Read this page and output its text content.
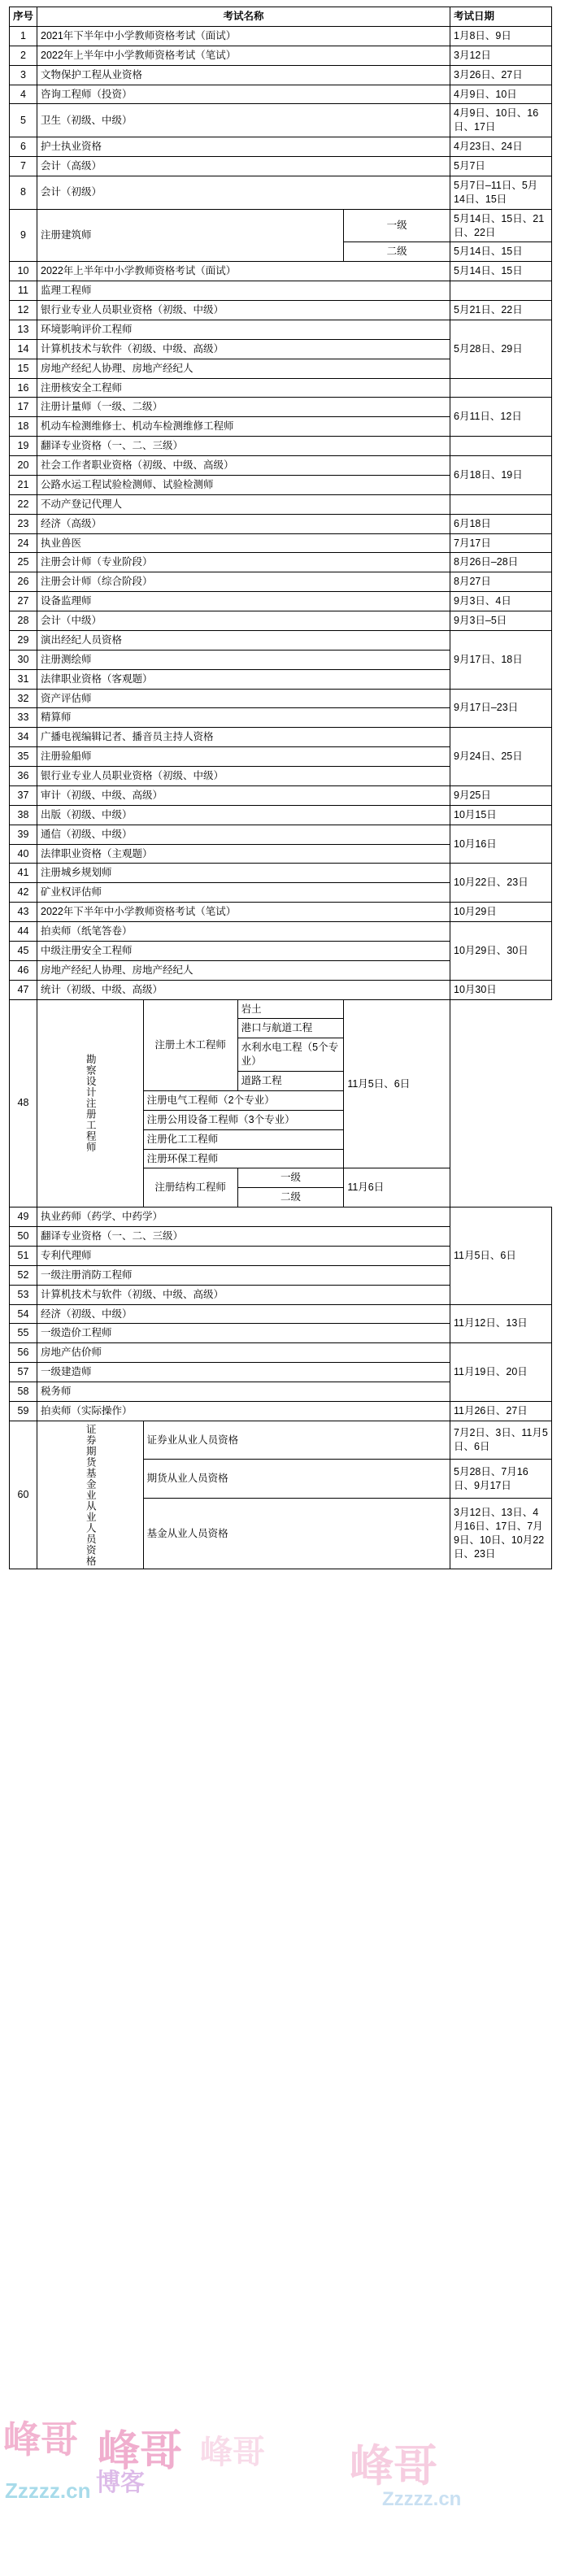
序号	考试名称				考试日期
1	2021年下半年中小学教师资格考试（面试）				1月8日、9日
2	2022年上半年中小学教师资格考试（笔试）				3月12日
3	文物保护工程从业资格				3月26日、27日
4	咨询工程师（投资）				4月9日、10日
5	卫生（初级、中级）				4月9日、10日、16日、17日
6	护士执业资格				4月23日、24日
7	会计（高级）				5月7日
8	会计（初级）				5月7日–11日、5月14日、15日
9	注册建筑师			一级	5月14日、15日、21日、22日
				二级	5月14日、15日
10	2022年上半年中小学教师资格考试（面试）				5月14日、15日
11	监理工程师				
12	银行业专业人员职业资格（初级、中级）				5月21日、22日
13	环境影响评价工程师				5月28日、29日
14	计算机技术与软件（初级、中级、高级）				
15	房地产经纪人协理、房地产经纪人				
16	注册核安全工程师				
17	注册计量师（一级、二级）				6月11日、12日
18	机动车检测维修士、机动车检测维修工程师				
19	翻译专业资格（一、二、三级）				
20	社会工作者职业资格（初级、中级、高级）				6月18日、19日
21	公路水运工程试验检测师、试验检测师				
22	不动产登记代理人				
23	经济（高级）				6月18日
24	执业兽医				7月17日
25	注册会计师（专业阶段）				8月26日–28日
26	注册会计师（综合阶段）				8月27日
27	设备监理师				9月3日、4日
28	会计（中级）				9月3日–5日
29	演出经纪人员资格				9月17日、18日
30	注册测绘师				
31	法律职业资格（客观题）				
32	资产评估师				9月17日–23日
33	精算师				
34	广播电视编辑记者、播音员主持人资格				9月24日、25日
35	注册验船师				
36	银行业专业人员职业资格（初级、中级）				
37	审计（初级、中级、高级）				9月25日
38	出版（初级、中级）				10月15日
39	通信（初级、中级）				10月16日
40	法律职业资格（主观题）				
41	注册城乡规划师				10月22日、23日
42	矿业权评估师				
43	2022年下半年中小学教师资格考试（笔试）				10月29日
44	拍卖师（纸笔答卷）				10月29日、30日
45	中级注册安全工程师				
46	房地产经纪人协理、房地产经纪人				
47	统计（初级、中级、高级）				10月30日
48	勘察设计注册工程师	注册土木工程师	岩土	11月5日、6日	
			港口与航道工程		
			水利水电工程（5个专业）		
			道路工程		
		注册电气工程师（2个专业）			
		注册公用设备工程师（3个专业）			
		注册化工工程师			
		注册环保工程师			
		注册结构工程师	一级	11月6日	
			二级		
49	执业药师（药学、中药学）				11月5日、6日
50	翻译专业资格（一、二、三级）				
51	专利代理师				
52	一级注册消防工程师				
53	计算机技术与软件（初级、中级、高级）				
54	经济（初级、中级）				11月12日、13日
55	一级造价工程师				
56	房地产估价师				11月19日、20日
57	一级建造师				
58	税务师				
59	拍卖师（实际操作）				11月26日、27日
60	证券期货基金业从业人员资格	证券业从业人员资格			7月2日、3日、11月5日、6日
		期货从业人员资格			5月28日、7月16日、9月17日
		基金从业人员资格			3月12日、13日、4月16日、17日、7月9日、10日、10月22日、23日
峰哥 峰哥
博客
Zzzzz.cn	峰哥
Zzzzz.cn
峰哥
